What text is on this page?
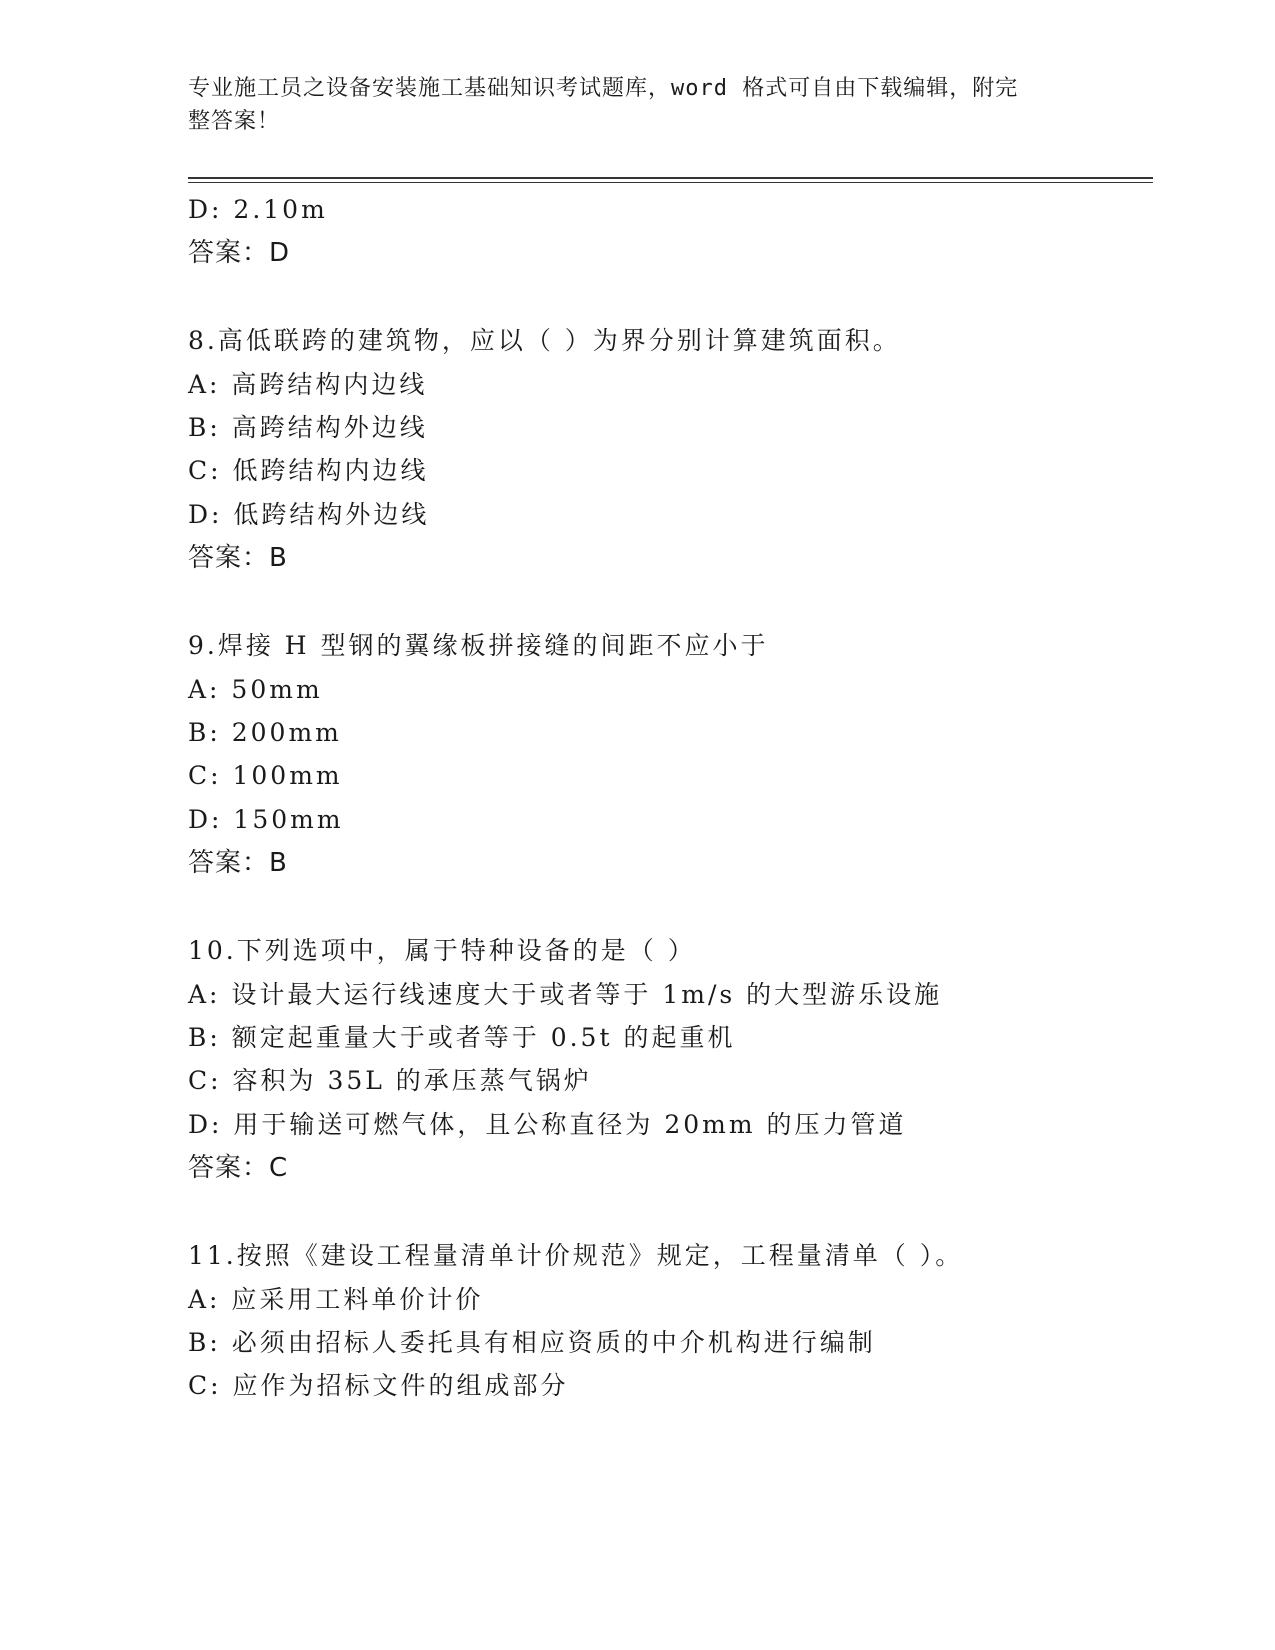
专业施工员之设备安装施工基础知识考试题库，word 格式可自由下载编辑，附完
整答案！
D: 2.10m
答案：D
8.高低联跨的建筑物，应以（ ）为界分别计算建筑面积。
A: 高跨结构内边线
B: 高跨结构外边线
C: 低跨结构内边线
D: 低跨结构外边线
答案：B
9.焊接 H 型钢的翼缘板拼接缝的间距不应小于
A: 50mm
B: 200mm
C: 100mm
D: 150mm
答案：B
10.下列选项中，属于特种设备的是（ ）
A: 设计最大运行线速度大于或者等于 1m/s 的大型游乐设施
B: 额定起重量大于或者等于 0.5t 的起重机
C: 容积为 35L 的承压蒸气锅炉
D: 用于输送可燃气体，且公称直径为 20mm 的压力管道
答案：C
11.按照《建设工程量清单计价规范》规定，工程量清单（ ）。
A: 应采用工料单价计价
B: 必须由招标人委托具有相应资质的中介机构进行编制
C: 应作为招标文件的组成部分
